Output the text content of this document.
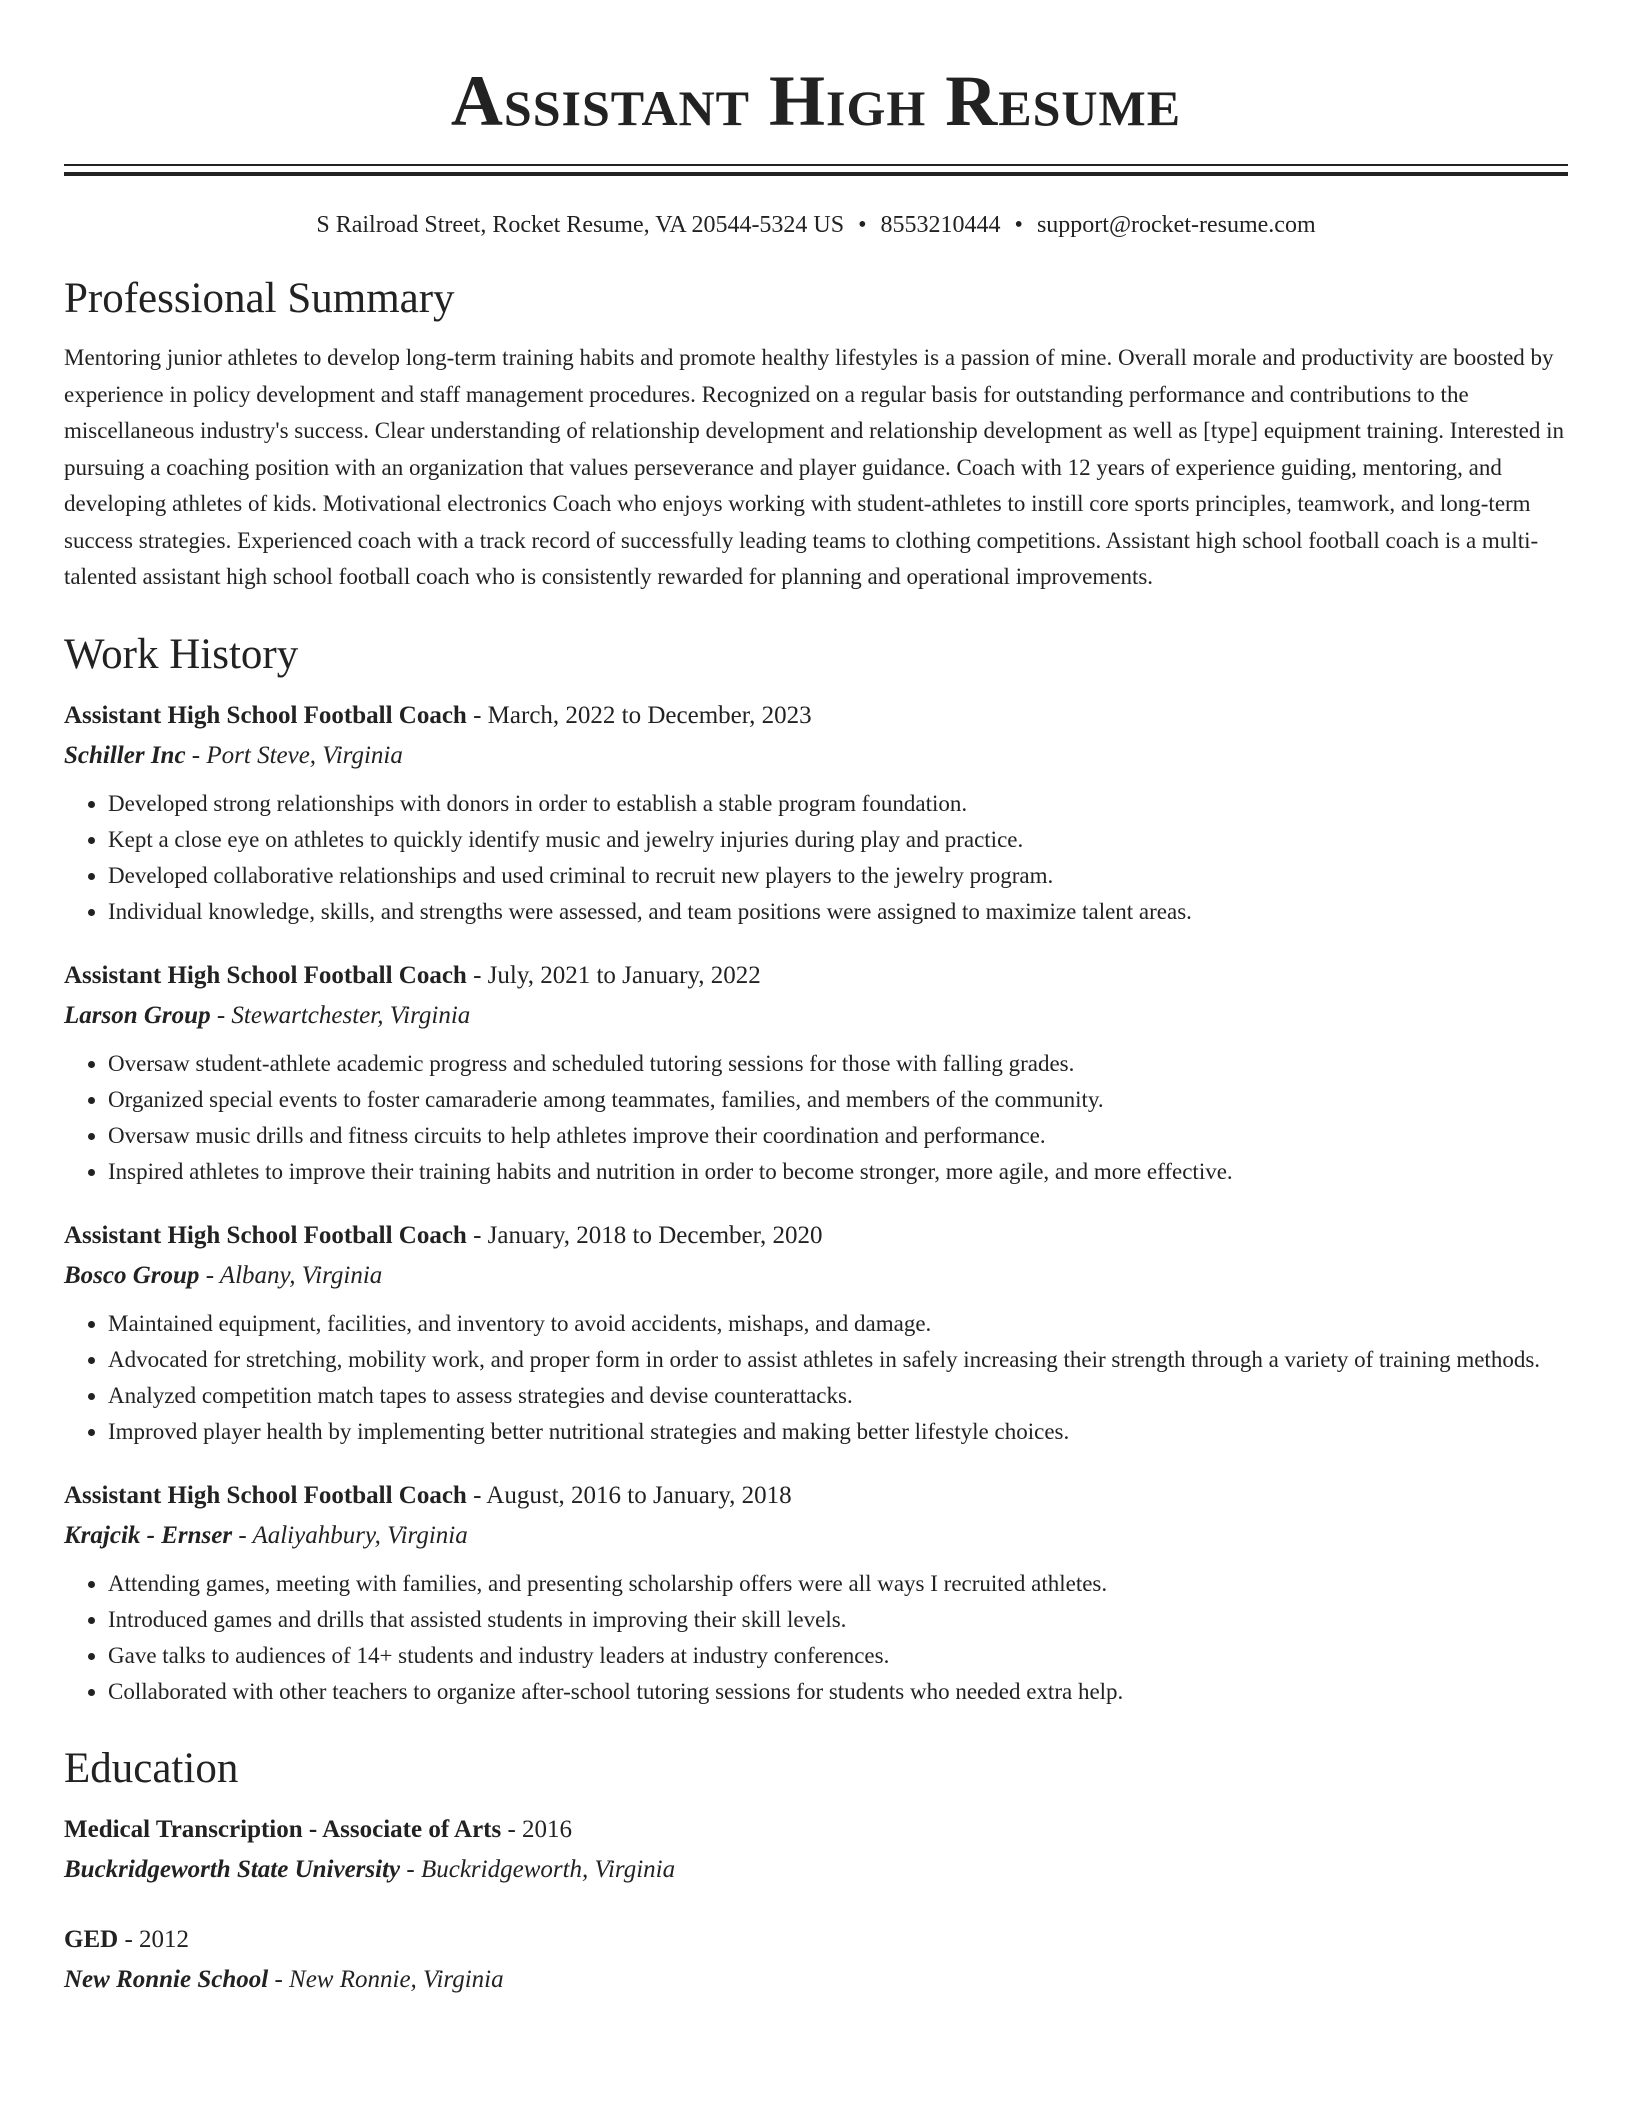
Assistant High Resume
S Railroad Street, Rocket Resume, VA 20544-5324 US • 8553210444 • support@rocket-resume.com
Professional Summary

Mentoring junior athletes to develop long-term training habits and promote healthy lifestyles is a passion of mine. Overall morale and productivity are boosted by experience in policy development and staff management procedures. Recognized on a regular basis for outstanding performance and contributions to the miscellaneous industry's success. Clear understanding of relationship development and relationship development as well as [type] equipment training. Interested in pursuing a coaching position with an organization that values perseverance and player guidance. Coach with 12 years of experience guiding, mentoring, and developing athletes of kids. Motivational electronics Coach who enjoys working with student-athletes to instill core sports principles, teamwork, and long-term success strategies. Experienced coach with a track record of successfully leading teams to clothing competitions. Assistant high school football coach is a multi-talented assistant high school football coach who is consistently rewarded for planning and operational improvements.

Work History
Assistant High School Football Coach - March, 2022 to December, 2023
Schiller Inc - Port Steve, Virginia
• Developed strong relationships with donors in order to establish a stable program foundation.
• Kept a close eye on athletes to quickly identify music and jewelry injuries during play and practice.
• Developed collaborative relationships and used criminal to recruit new players to the jewelry program.
• Individual knowledge, skills, and strengths were assessed, and team positions were assigned to maximize talent areas.
Assistant High School Football Coach - July, 2021 to January, 2022
Larson Group - Stewartchester, Virginia
• Oversaw student-athlete academic progress and scheduled tutoring sessions for those with falling grades.
• Organized special events to foster camaraderie among teammates, families, and members of the community.
• Oversaw music drills and fitness circuits to help athletes improve their coordination and performance.
• Inspired athletes to improve their training habits and nutrition in order to become stronger, more agile, and more effective.
Assistant High School Football Coach - January, 2018 to December, 2020
Bosco Group - Albany, Virginia
• Maintained equipment, facilities, and inventory to avoid accidents, mishaps, and damage.
• Advocated for stretching, mobility work, and proper form in order to assist athletes in safely increasing their strength through a variety of training methods.
• Analyzed competition match tapes to assess strategies and devise counterattacks.
• Improved player health by implementing better nutritional strategies and making better lifestyle choices.
Assistant High School Football Coach - August, 2016 to January, 2018
Krajcik - Ernser - Aaliyahbury, Virginia
• Attending games, meeting with families, and presenting scholarship offers were all ways I recruited athletes.
• Introduced games and drills that assisted students in improving their skill levels.
• Gave talks to audiences of 14+ students and industry leaders at industry conferences.
• Collaborated with other teachers to organize after-school tutoring sessions for students who needed extra help.
Education
Medical Transcription - Associate of Arts - 2016
Buckridgeworth State University - Buckridgeworth, Virginia
GED - 2012
New Ronnie School - New Ronnie, Virginia
